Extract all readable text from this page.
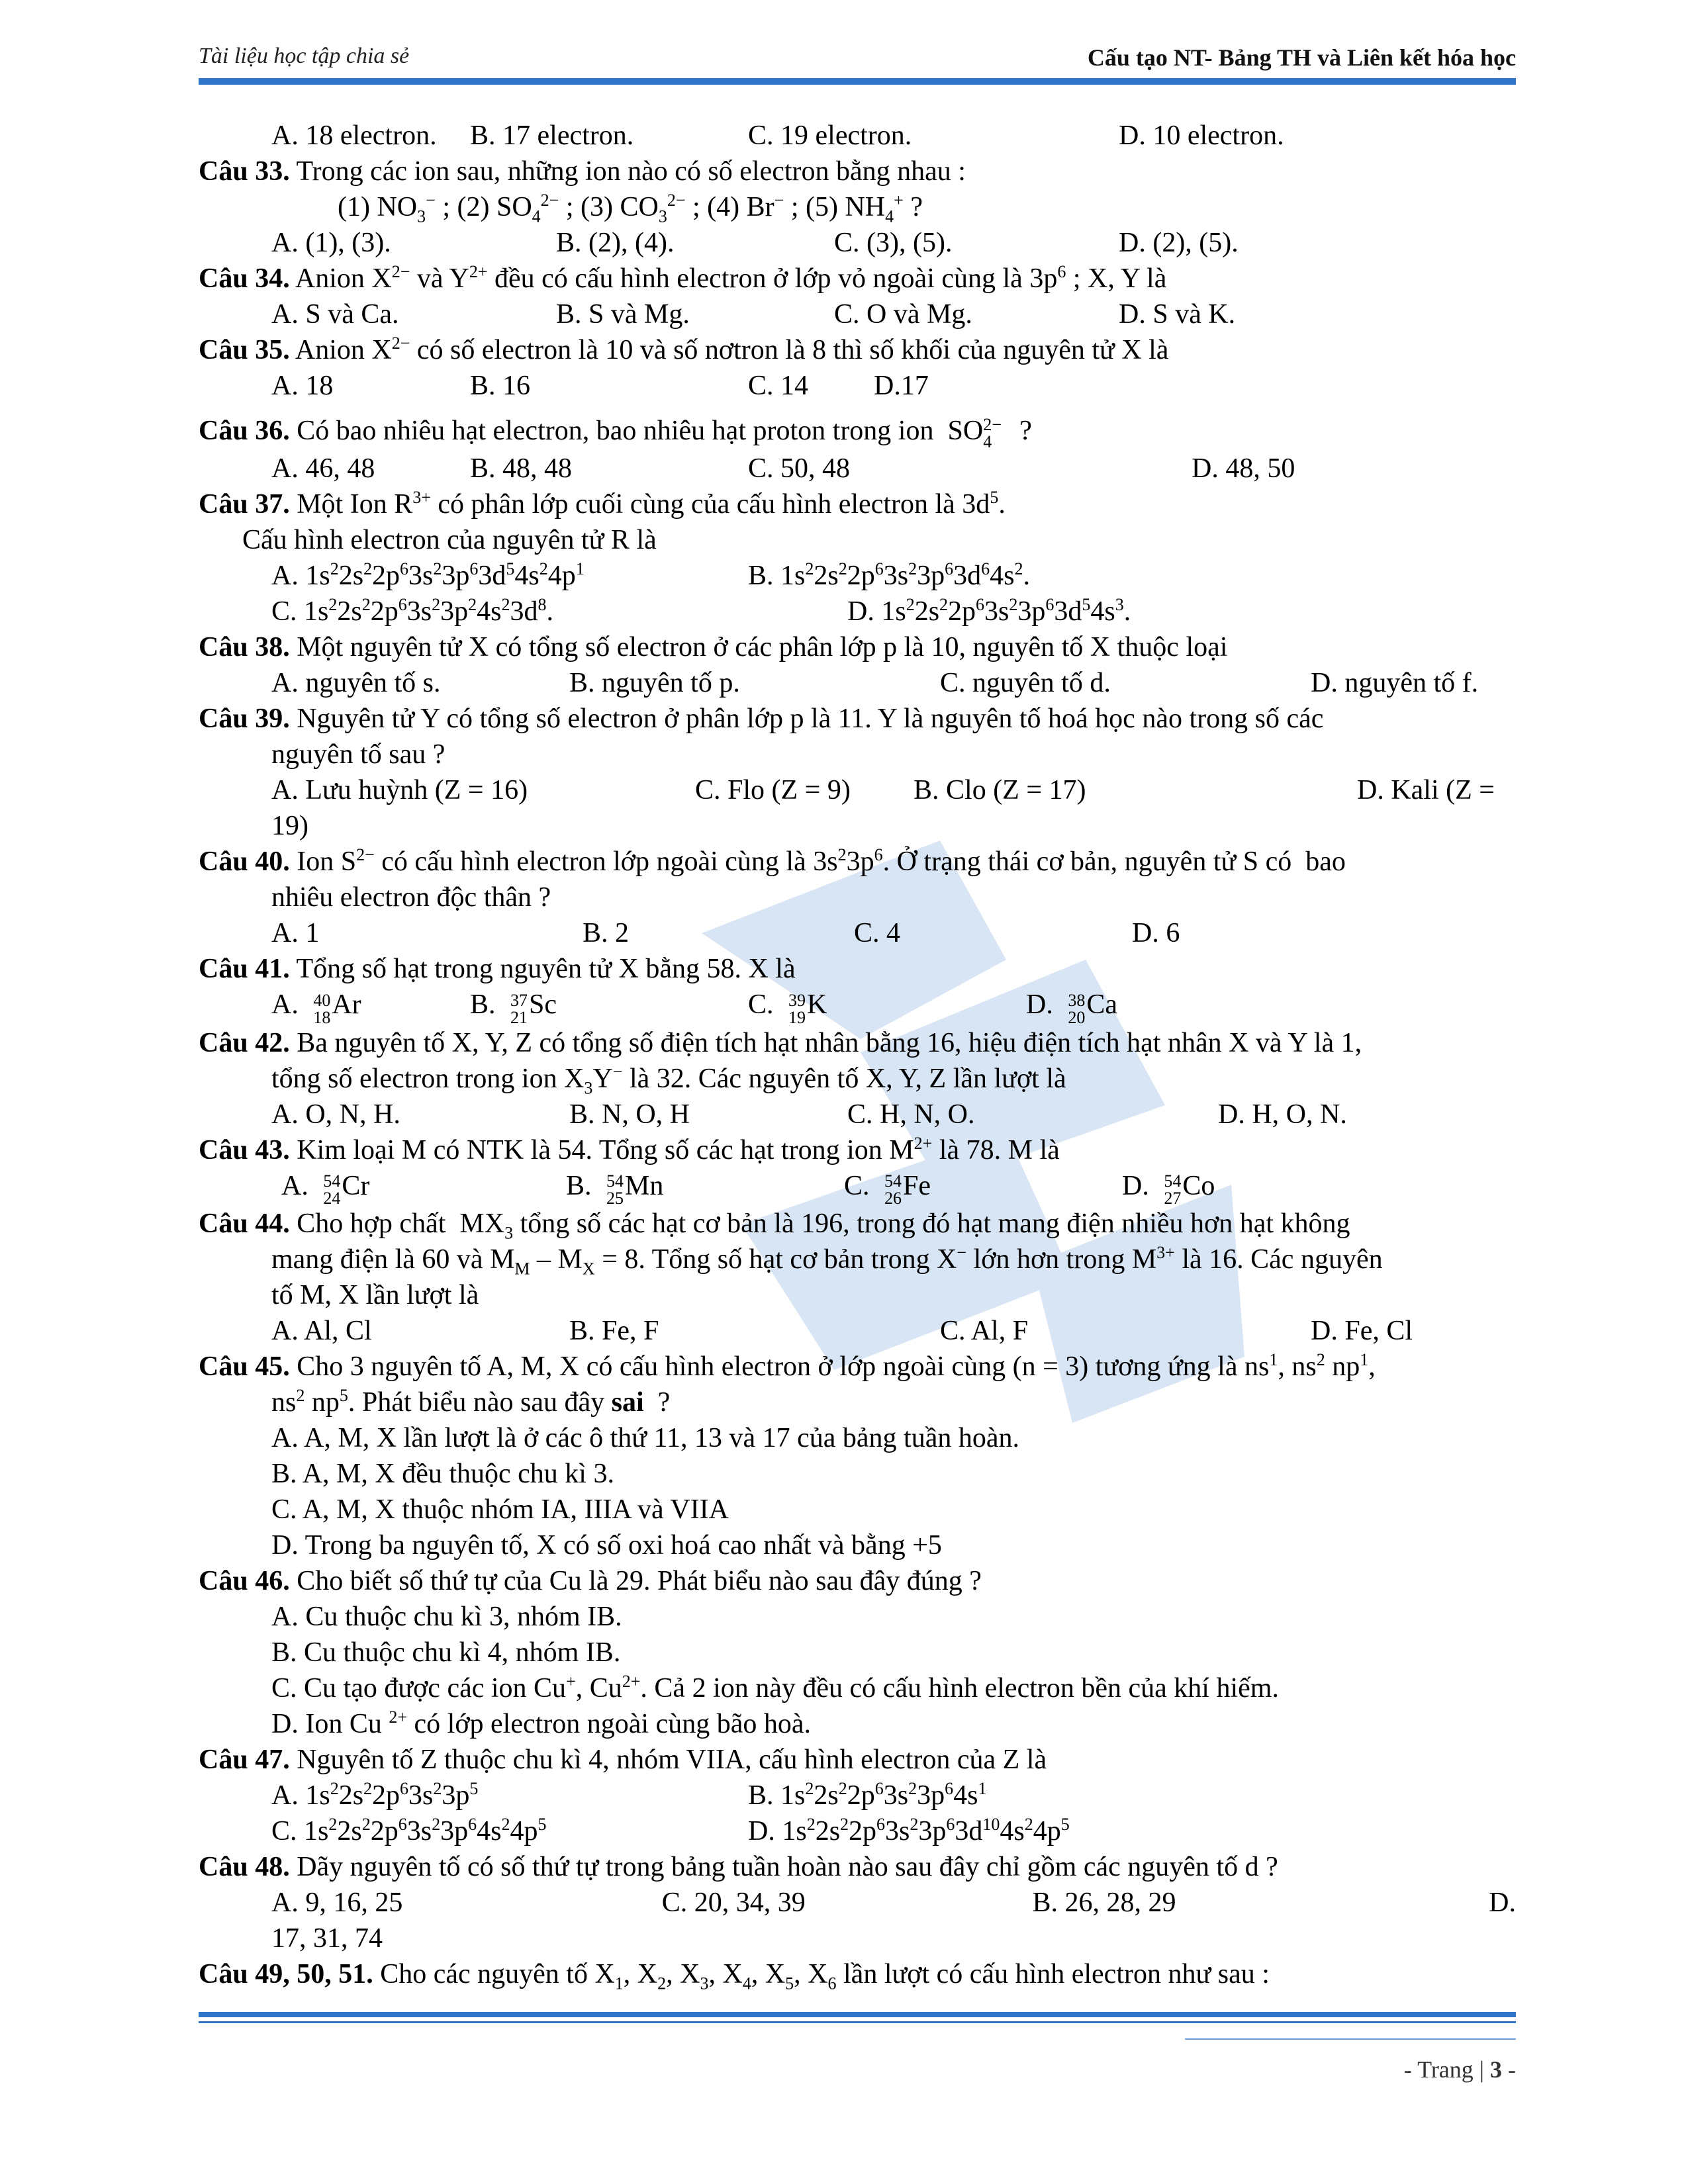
Tài liệu học tập chia sẻ	Cấu tạo NT- Bảng TH và Liên kết hóa học
A. 18 electron.	B. 17 electron.	C. 19 electron.	D. 10 electron.
Câu 33. Trong các ion sau, những ion nào có số electron bằng nhau :
(1) $NO_3^-$ ; (2) $SO_4^{2-}$ ; (3) $CO_3^{2-}$ ; (4) Br− ; (5) $NH_4^+$ ?
A. (1), (3).	B. (2), (4).	C. (3), (5).	D. (2), (5).
Câu 34. Anion $X^{2-}$ và $Y^{2+}$ đều có cấu hình electron ở lớp vỏ ngoài cùng là $3p^6$ ; X, Y là
A. S và Ca.	B. S và Mg.	C. O và Mg.	D. S và K.
Câu 35. Anion $X^{2-}$ có số electron là 10 và số nơtron là 8 thì số khối của nguyên tử X là
A. 18	B. 16	C. 14	D.17
Câu 36. Có bao nhiêu hạt electron, bao nhiêu hạt proton trong ion  SO 2−
4 ?
A. 46, 48	B. 48, 48	C. 50, 48	D. 48, 50
Câu 37. Một Ion $R^{3+}$ có phân lớp cuối cùng của cấu hình electron là $3d^5$.
Cấu hình electron của nguyên tử R là
A. $1s^22s^22p^63s^23p^63d^54s^24p^1$	B. $1s^22s^22p^63s^23p^63d^64s^2$.
C. $1s^22s^22p^63s^23p^24s^23d^8$.	D. $1s^22s^22p^63s^23p^63d^54s^3$.
Câu 38. Một nguyên tử X có tổng số electron ở các phân lớp p là 10, nguyên tố X thuộc loại
A. nguyên tố s.	B. nguyên tố p.	C. nguyên tố d.	D. nguyên tố f.
Câu 39. Nguyên tử Y có tổng số electron ở phân lớp p là 11. Y là nguyên tố hoá học nào trong số các
nguyên tố sau ?
A. Lưu huỳnh (Z = 16)	C. Flo (Z = 9)	B. Clo (Z = 17)	D. Kali (Z =
19)
Câu 40. Ion $S^{2-}$ có cấu hình electron lớp ngoài cùng là $3s^23p^6$. Ở trạng thái cơ bản, nguyên tử S có  bao
nhiêu electron độc thân ?
A. 1	B. 2	C. 4	D. 6
Câu 41. Tổng số hạt trong nguyên tử X bằng 58. X là
A. 40
18 Ar	B. 37
21 Sc	C. 39
19 K	D. 38
20 Ca
Câu 42. Ba nguyên tố X, Y, Z có tổng số điện tích hạt nhân bằng 16, hiệu điện tích hạt nhân X và Y là 1,
tổng số electron trong ion $X_3Y^-$ là 32. Các nguyên tố X, Y, Z lần lượt là
A. O, N, H.	B. N, O, H	C. H, N, O.	D. H, O, N.
Câu 43. Kim loại M có NTK là 54. Tổng số các hạt trong ion $M^{2+}$ là 78. M là
A. 54
24 Cr	B. 54
25 Mn	C. 54
26 Fe	D. 54
27 Co
Câu 44. Cho hợp chất  $MX_3$ tổng số các hạt cơ bản là 196, trong đó hạt mang điện nhiều hơn hạt không
mang điện là 60 và $M_M - M_X = 8$. Tổng số hạt cơ bản trong X− lớn hơn trong $M^{3+}$ là 16. Các nguyên
tố M, X lần lượt là
A. Al, Cl	B. Fe, F	C. Al, F	D. Fe, Cl
Câu 45. Cho 3 nguyên tố A, M, X có cấu hình electron ở lớp ngoài cùng (n = 3) tương ứng là $ns^1$, $ns^2$ $np^1$,
$ns^2$ $np^5$. Phát biểu nào sau đây sai  ?
A. A, M, X lần lượt là ở các ô thứ 11, 13 và 17 của bảng tuần hoàn.
B. A, M, X đều thuộc chu kì 3.
C. A, M, X thuộc nhóm IA, IIIA và VIIA
D. Trong ba nguyên tố, X có số oxi hoá cao nhất và bằng +5
Câu 46. Cho biết số thứ tự của Cu là 29. Phát biểu nào sau đây đúng ?
A. Cu thuộc chu kì 3, nhóm IB.
B. Cu thuộc chu kì 4, nhóm IB.
C. Cu tạo được các ion Cu+, $Cu^{2+}$. Cả 2 ion này đều có cấu hình electron bền của khí hiếm.
D. Ion Cu $^{2+}$ có lớp electron ngoài cùng bão hoà.
Câu 47. Nguyên tố Z thuộc chu kì 4, nhóm VIIA, cấu hình electron của Z là
A. $1s^22s^22p^63s^23p^5$	B. $1s^22s^22p^63s^23p^64s^1$
C. $1s^22s^22p^63s^23p^64s^24p^5$	D. $1s^22s^22p^63s^23p^63d^{10}4s^24p^5$
Câu 48. Dãy nguyên tố có số thứ tự trong bảng tuần hoàn nào sau đây chỉ gồm các nguyên tố d ?
A. 9, 16, 25	C. 20, 34, 39	B. 26, 28, 29	D.
17, 31, 74
Câu 49, 50, 51. Cho các nguyên tố $X_1$, $X_2$, $X_3$, $X_4$, $X_5$, $X_6$ lần lượt có cấu hình electron như sau :
- Trang | 3 -
